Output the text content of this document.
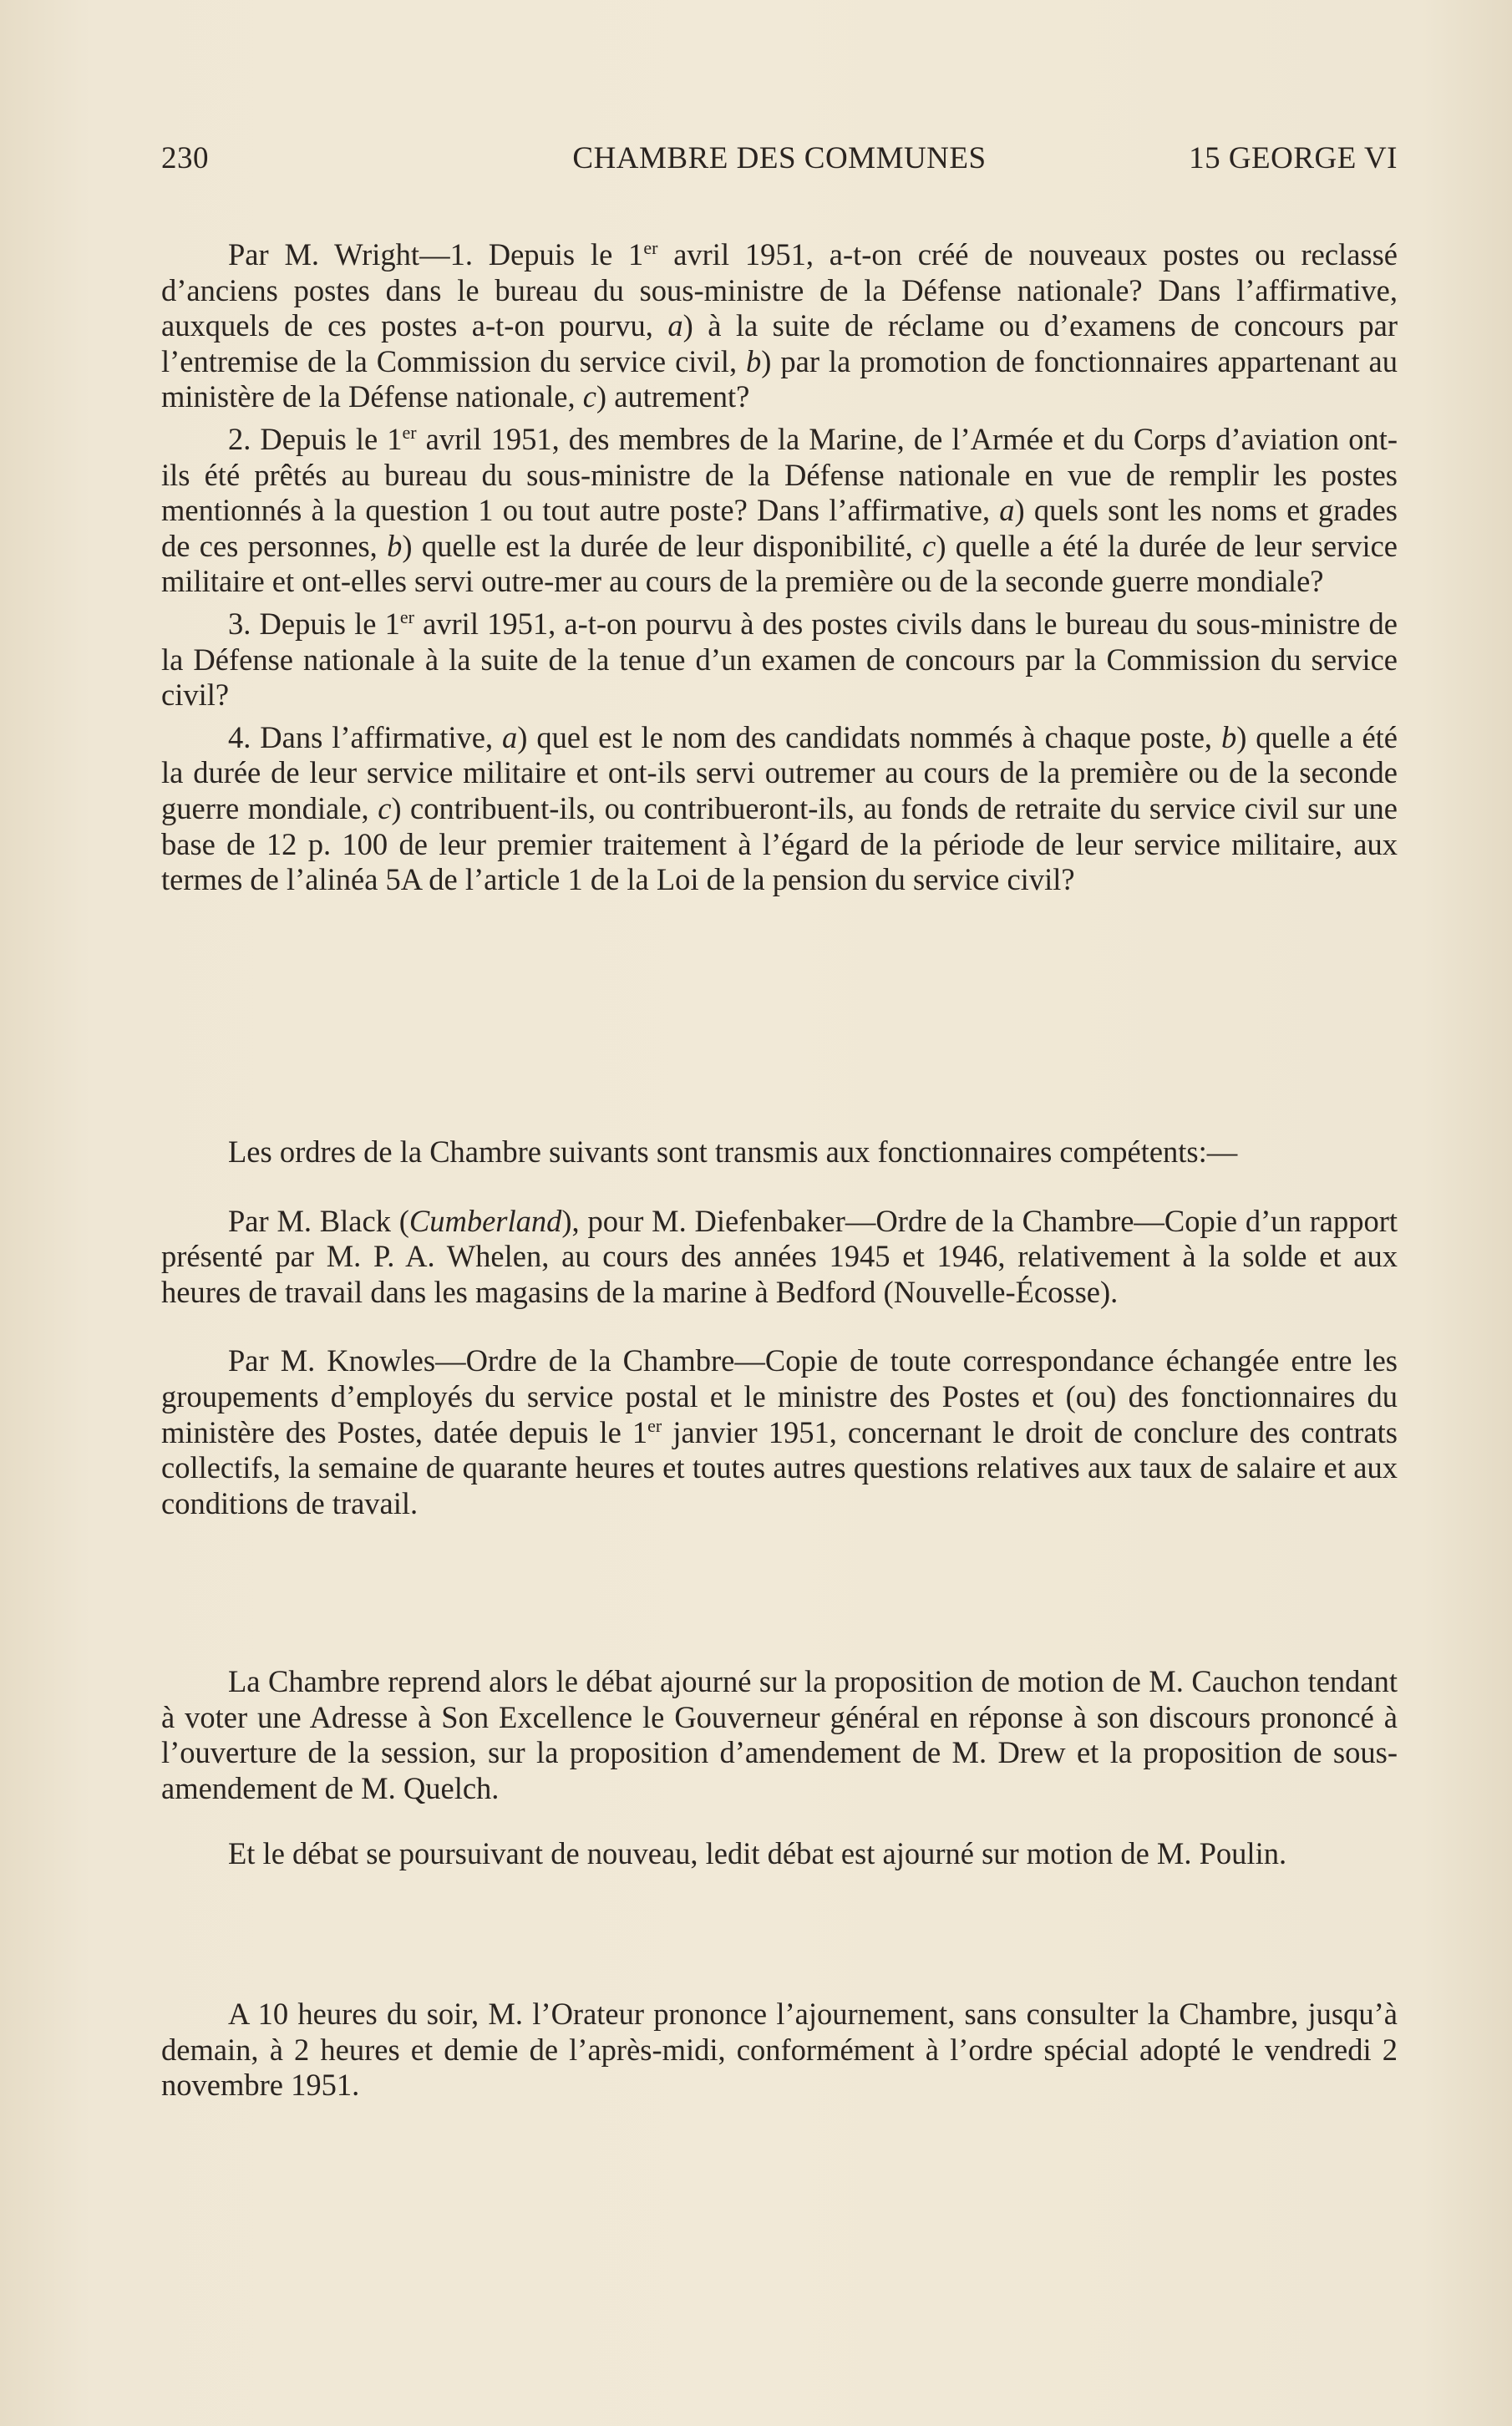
230	CHAMBRE DES COMMUNES	15 GEORGE VI

Par M. Wright—1. Depuis le 1er avril 1951, a-t-on créé de nouveaux postes ou reclassé d’anciens postes dans le bureau du sous-ministre de la Défense nationale? Dans l’affirmative, auxquels de ces postes a-t-on pourvu, a) à la suite de réclame ou d’examens de concours par l’entremise de la Commission du service civil, b) par la promotion de fonctionnaires appartenant au ministère de la Défense nationale, c) autrement?

2. Depuis le 1er avril 1951, des membres de la Marine, de l’Armée et du Corps d’aviation ont-ils été prêtés au bureau du sous-ministre de la Défense nationale en vue de remplir les postes mentionnés à la question 1 ou tout autre poste? Dans l’affirmative, a) quels sont les noms et grades de ces personnes, b) quelle est la durée de leur disponibilité, c) quelle a été la durée de leur service militaire et ont-elles servi outre-mer au cours de la première ou de la seconde guerre mondiale?

3. Depuis le 1er avril 1951, a-t-on pourvu à des postes civils dans le bureau du sous-ministre de la Défense nationale à la suite de la tenue d’un examen de concours par la Commission du service civil?

4. Dans l’affirmative, a) quel est le nom des candidats nommés à chaque poste, b) quelle a été la durée de leur service militaire et ont-ils servi outremer au cours de la première ou de la seconde guerre mondiale, c) contribuent-ils, ou contribueront-ils, au fonds de retraite du service civil sur une base de 12 p. 100 de leur premier traitement à l’égard de la période de leur service militaire, aux termes de l’alinéa 5A de l’article 1 de la Loi de la pension du service civil?

Les ordres de la Chambre suivants sont transmis aux fonctionnaires compétents:—

Par M. Black (Cumberland), pour M. Diefenbaker—Ordre de la Chambre—Copie d’un rapport présenté par M. P. A. Whelen, au cours des années 1945 et 1946, relativement à la solde et aux heures de travail dans les magasins de la marine à Bedford (Nouvelle-Écosse).

Par M. Knowles—Ordre de la Chambre—Copie de toute correspondance échangée entre les groupements d’employés du service postal et le ministre des Postes et (ou) des fonctionnaires du ministère des Postes, datée depuis le 1er janvier 1951, concernant le droit de conclure des contrats collectifs, la semaine de quarante heures et toutes autres questions relatives aux taux de salaire et aux conditions de travail.

La Chambre reprend alors le débat ajourné sur la proposition de motion de M. Cauchon tendant à voter une Adresse à Son Excellence le Gouverneur général en réponse à son discours prononcé à l’ouverture de la session, sur la proposition d’amendement de M. Drew et la proposition de sous-amendement de M. Quelch.

Et le débat se poursuivant de nouveau, ledit débat est ajourné sur motion de M. Poulin.

A 10 heures du soir, M. l’Orateur prononce l’ajournement, sans consulter la Chambre, jusqu’à demain, à 2 heures et demie de l’après-midi, conformément à l’ordre spécial adopté le vendredi 2 novembre 1951.
